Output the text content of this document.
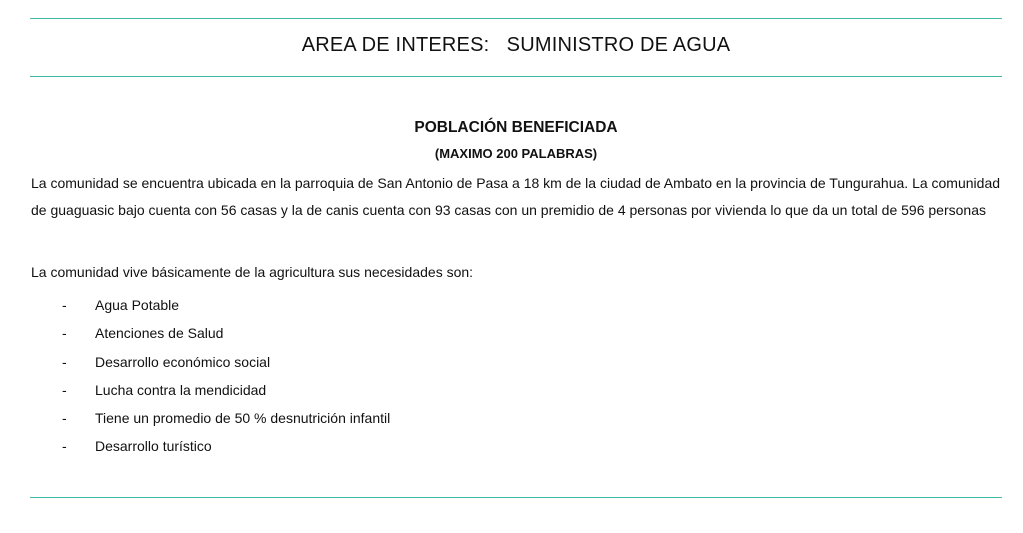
AREA DE INTERES:   SUMINISTRO DE AGUA
POBLACIÓN BENEFICIADA
(MAXIMO 200 PALABRAS)

La comunidad se encuentra ubicada en la parroquia de San Antonio de Pasa a 18 km de la ciudad de Ambato en la provincia de Tungurahua. La comunidad de guaguasic bajo cuenta con 56 casas y la de canis cuenta con 93 casas con un premidio de 4 personas por vivienda lo que da un total de 596 personas

La comunidad vive básicamente de la agricultura sus necesidades son:

- Agua Potable
- Atenciones de Salud
- Desarrollo económico social
- Lucha contra la mendicidad
- Tiene un promedio de 50 % desnutrición infantil
- Desarrollo turístico
